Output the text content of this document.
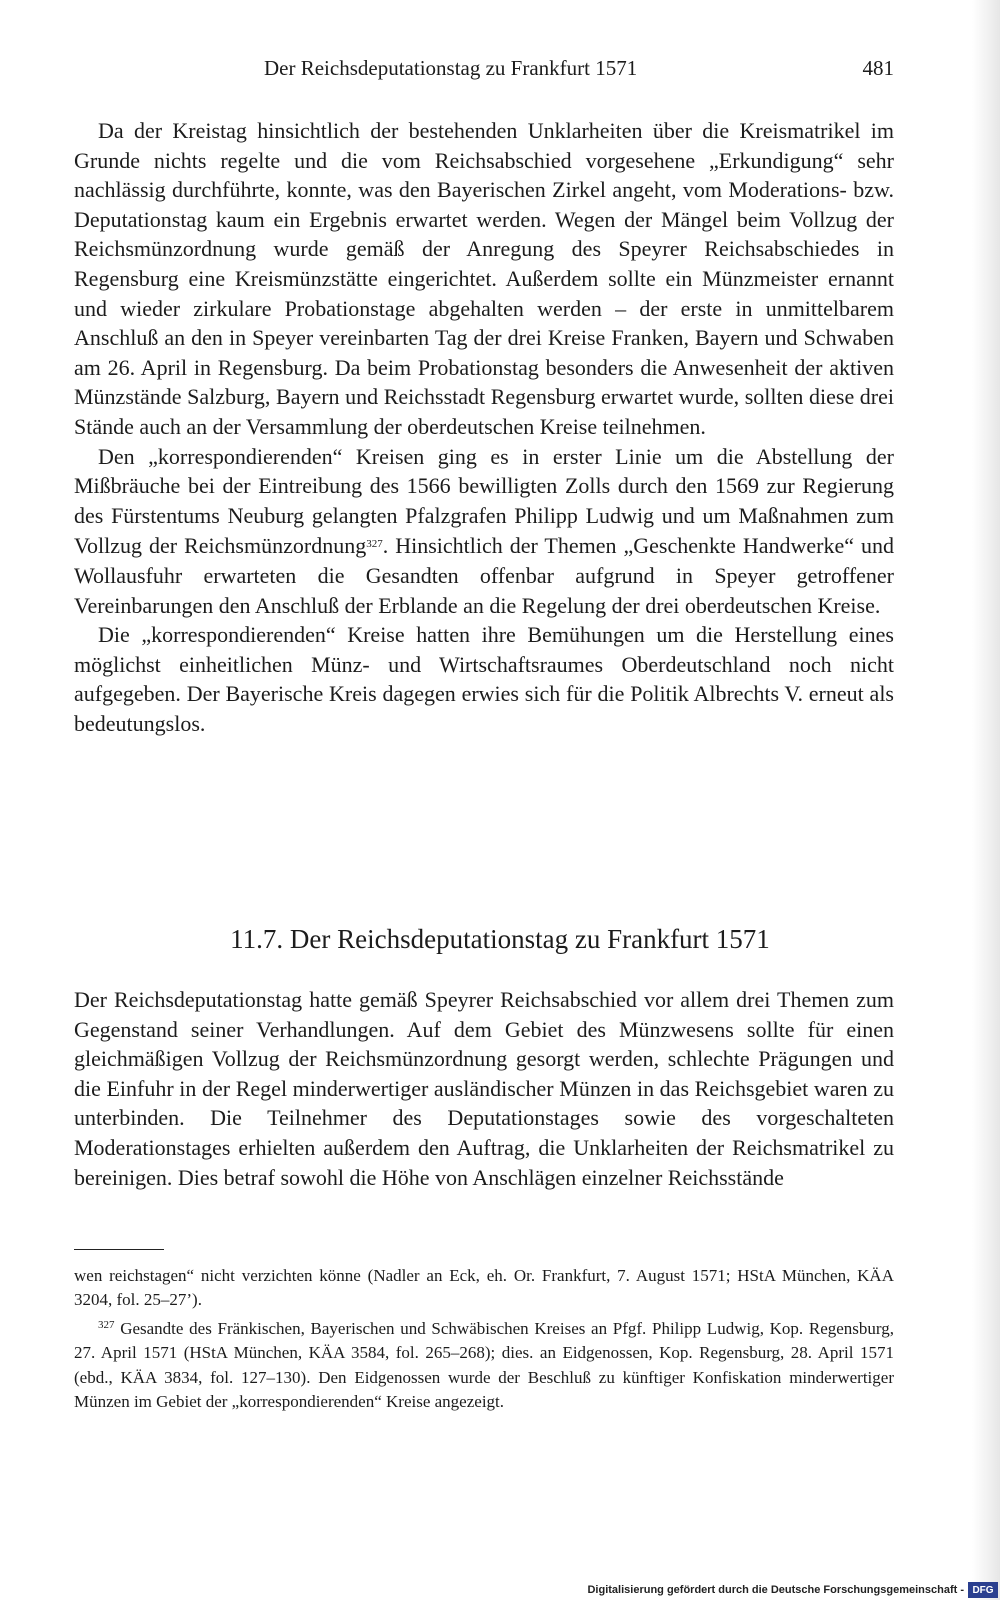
Der Reichsdeputationstag zu Frankfurt 1571	481

Da der Kreistag hinsichtlich der bestehenden Unklarheiten über die Kreismatrikel im Grunde nichts regelte und die vom Reichsabschied vorgesehene „Erkundigung“ sehr nachlässig durchführte, konnte, was den Bayerischen Zirkel angeht, vom Moderations- bzw. Deputationstag kaum ein Ergebnis erwartet werden. Wegen der Mängel beim Vollzug der Reichsmünzordnung wurde gemäß der Anregung des Speyrer Reichsabschiedes in Regensburg eine Kreismünzstätte eingerichtet. Außerdem sollte ein Münzmeister ernannt und wieder zirkulare Probationstage abgehalten werden – der erste in unmittelbarem Anschluß an den in Speyer vereinbarten Tag der drei Kreise Franken, Bayern und Schwaben am 26. April in Regensburg. Da beim Probationstag besonders die Anwesenheit der aktiven Münzstände Salzburg, Bayern und Reichsstadt Regensburg erwartet wurde, sollten diese drei Stände auch an der Versammlung der oberdeutschen Kreise teilnehmen.

Den „korrespondierenden“ Kreisen ging es in erster Linie um die Abstellung der Mißbräuche bei der Eintreibung des 1566 bewilligten Zolls durch den 1569 zur Regierung des Fürstentums Neuburg gelangten Pfalzgrafen Philipp Ludwig und um Maßnahmen zum Vollzug der Reichsmünzordnung$^{327}$. Hinsichtlich der Themen „Geschenkte Handwerke“ und Wollausfuhr erwarteten die Gesandten offenbar aufgrund in Speyer getroffener Vereinbarungen den Anschluß der Erblande an die Regelung der drei oberdeutschen Kreise.

Die „korrespondierenden“ Kreise hatten ihre Bemühungen um die Herstellung eines möglichst einheitlichen Münz- und Wirtschaftsraumes Oberdeutschland noch nicht aufgegeben. Der Bayerische Kreis dagegen erwies sich für die Politik Albrechts V. erneut als bedeutungslos.

11.7. Der Reichsdeputationstag zu Frankfurt 1571

Der Reichsdeputationstag hatte gemäß Speyrer Reichsabschied vor allem drei Themen zum Gegenstand seiner Verhandlungen. Auf dem Gebiet des Münzwesens sollte für einen gleichmäßigen Vollzug der Reichsmünzordnung gesorgt werden, schlechte Prägungen und die Einfuhr in der Regel minderwertiger ausländischer Münzen in das Reichsgebiet waren zu unterbinden. Die Teilnehmer des Deputationstages sowie des vorgeschalteten Moderationstages erhielten außerdem den Auftrag, die Unklarheiten der Reichsmatrikel zu bereinigen. Dies betraf sowohl die Höhe von Anschlägen einzelner Reichsstände

wen reichstagen“ nicht verzichten könne (Nadler an Eck, eh. Or. Frankfurt, 7. August 1571; HStA München, KÄA 3204, fol. 25–27’).

$^{327}$ Gesandte des Fränkischen, Bayerischen und Schwäbischen Kreises an Pfgf. Philipp Ludwig, Kop. Regensburg, 27. April 1571 (HStA München, KÄA 3584, fol. 265–268); dies. an Eidgenossen, Kop. Regensburg, 28. April 1571 (ebd., KÄA 3834, fol. 127–130). Den Eidgenossen wurde der Beschluß zu künftiger Konfiskation minderwertiger Münzen im Gebiet der „korrespondierenden“ Kreise angezeigt.

Digitalisierung gefördert durch die Deutsche Forschungsgemeinschaft - DFG
